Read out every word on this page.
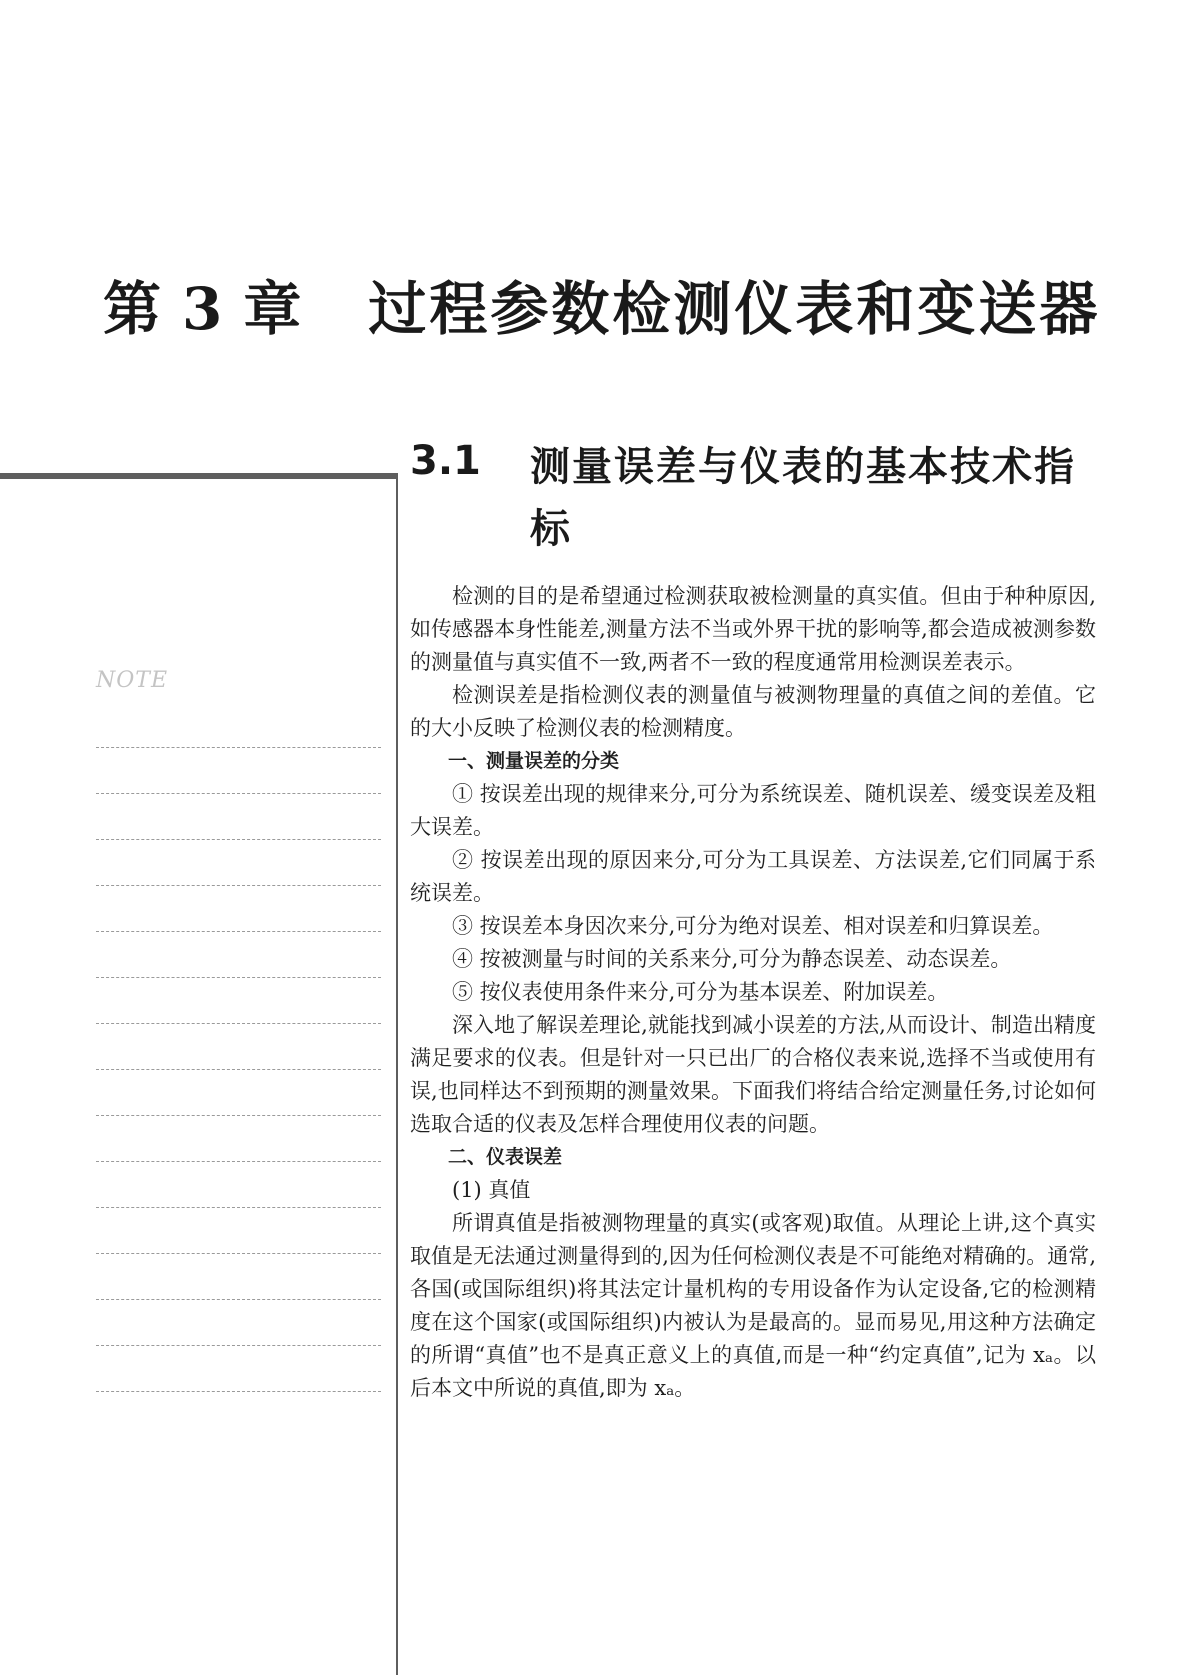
第 3 章 过程参数检测仪表和变送器
NOTE
3.1 测量误差与仪表的基本技术指标

检测的目的是希望通过检测获取被检测量的真实值。但由于种种原因,如传感器本身性能差,测量方法不当或外界干扰的影响等,都会造成被测参数的测量值与真实值不一致,两者不一致的程度通常用检测误差表示。

检测误差是指检测仪表的测量值与被测物理量的真值之间的差值。它的大小反映了检测仪表的检测精度。

一、测量误差的分类

① 按误差出现的规律来分,可分为系统误差、随机误差、缓变误差及粗大误差。

② 按误差出现的原因来分,可分为工具误差、方法误差,它们同属于系统误差。

③ 按误差本身因次来分,可分为绝对误差、相对误差和归算误差。

④ 按被测量与时间的关系来分,可分为静态误差、动态误差。

⑤ 按仪表使用条件来分,可分为基本误差、附加误差。

深入地了解误差理论,就能找到减小误差的方法,从而设计、制造出精度满足要求的仪表。但是针对一只已出厂的合格仪表来说,选择不当或使用有误,也同样达不到预期的测量效果。下面我们将结合给定测量任务,讨论如何选取合适的仪表及怎样合理使用仪表的问题。

二、仪表误差

(1) 真值

所谓真值是指被测物理量的真实(或客观)取值。从理论上讲,这个真实取值是无法通过测量得到的,因为任何检测仪表是不可能绝对精确的。通常,各国(或国际组织)将其法定计量机构的专用设备作为认定设备,它的检测精度在这个国家(或国际组织)内被认为是最高的。显而易见,用这种方法确定的所谓“真值”也不是真正意义上的真值,而是一种“约定真值”,记为 xₐ。以后本文中所说的真值,即为 xₐ。
